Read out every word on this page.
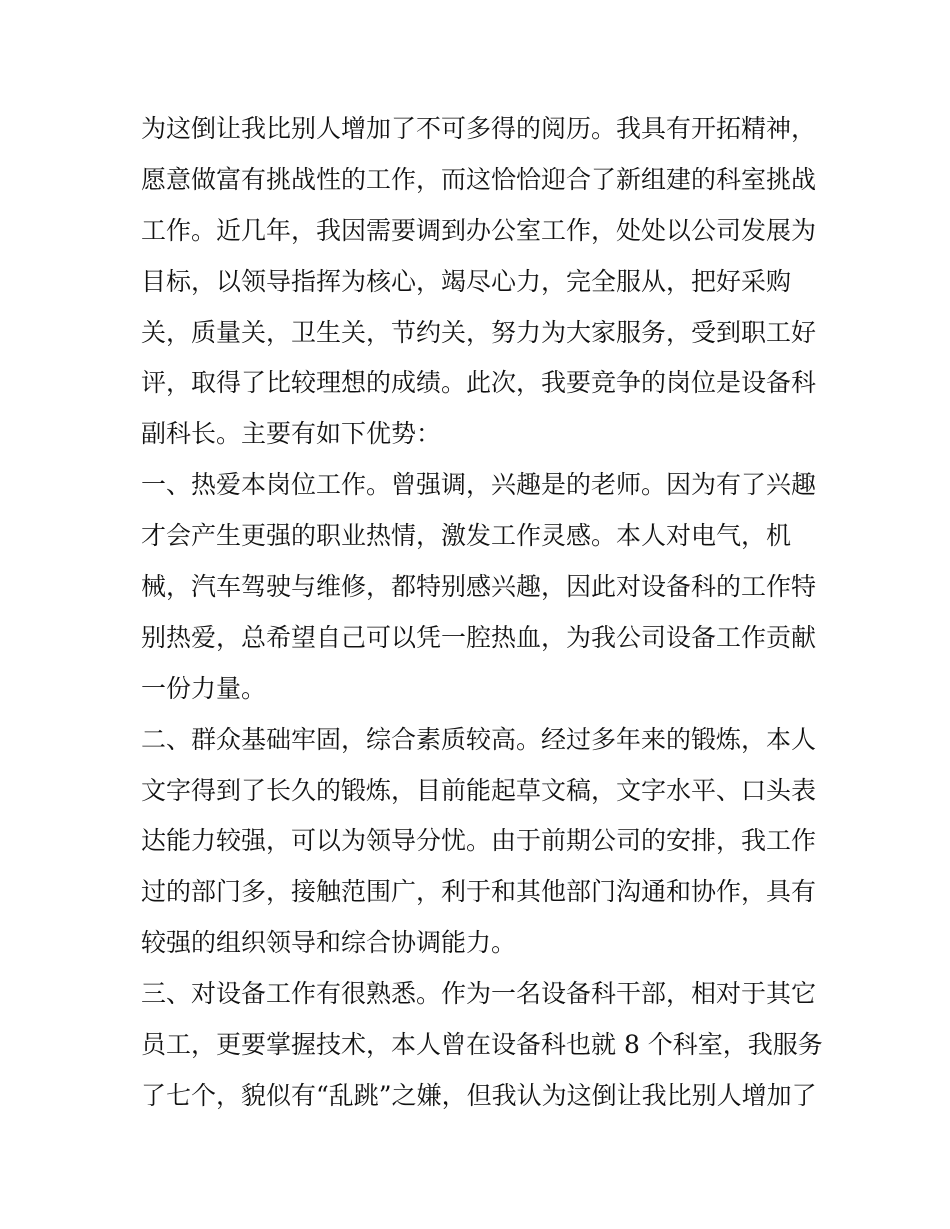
为这倒让我比别人增加了不可多得的阅历。我具有开拓精神，
愿意做富有挑战性的工作，而这恰恰迎合了新组建的科室挑战
工作。近几年，我因需要调到办公室工作，处处以公司发展为
目标，以领导指挥为核心，竭尽心力，完全服从，把好采购
关，质量关，卫生关，节约关，努力为大家服务，受到职工好
评，取得了比较理想的成绩。此次，我要竞争的岗位是设备科
副科长。主要有如下优势：
一、热爱本岗位工作。曾强调，兴趣是的老师。因为有了兴趣
才会产生更强的职业热情，激发工作灵感。本人对电气，机
械，汽车驾驶与维修，都特别感兴趣，因此对设备科的工作特
别热爱，总希望自己可以凭一腔热血，为我公司设备工作贡献
一份力量。
二、群众基础牢固，综合素质较高。经过多年来的锻炼，本人
文字得到了长久的锻炼，目前能起草文稿，文字水平、口头表
达能力较强，可以为领导分忧。由于前期公司的安排，我工作
过的部门多，接触范围广，利于和其他部门沟通和协作，具有
较强的组织领导和综合协调能力。
三、对设备工作有很熟悉。作为一名设备科干部，相对于其它
员工，更要掌握技术，本人曾在设备科也就 8 个科室，我服务
了七个，貌似有“乱跳”之嫌，但我认为这倒让我比别人增加了
